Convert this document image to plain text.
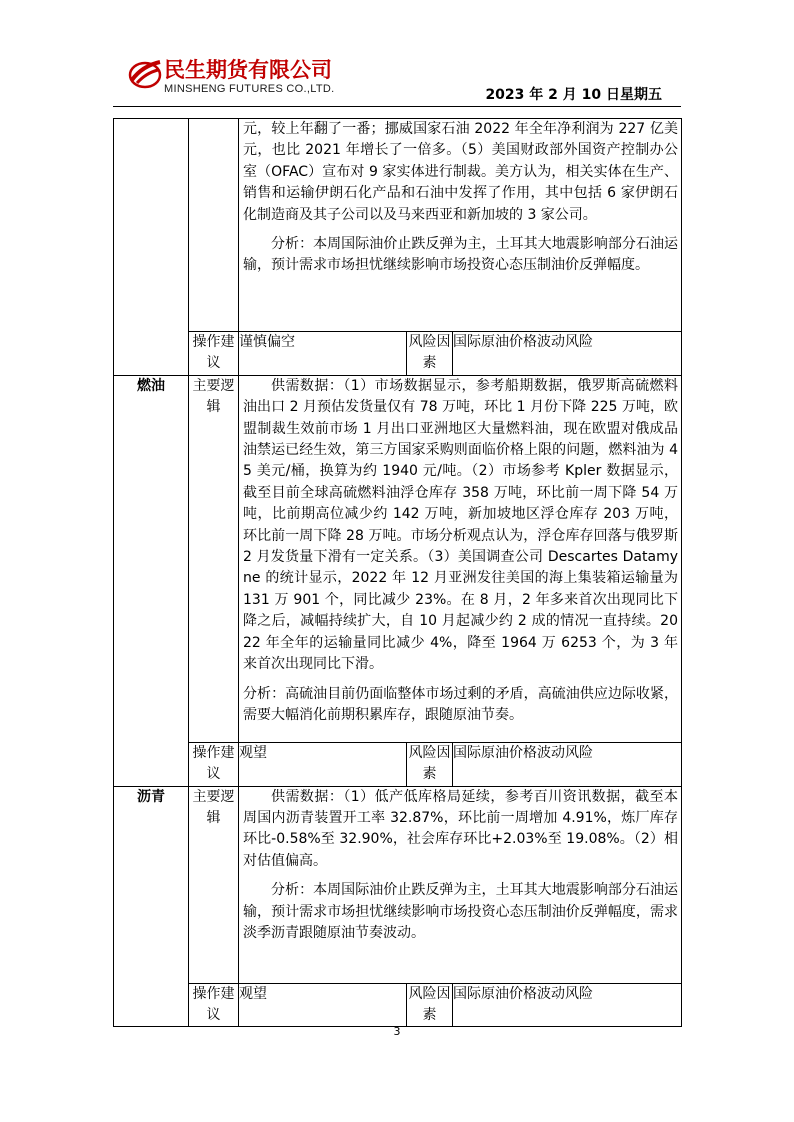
民生期货有限公司
MINSHENG FUTURES CO.,LTD.	2023 年 2 月 10 日星期五

		元，较上年翻了一番；挪威国家石油 2022 年全年净利润为 227 亿美元，也比 2021 年增长了一倍多。（5）美国财政部外国资产控制办公室（OFAC）宣布对 9 家实体进行制裁。美方认为，相关实体在生产、销售和运输伊朗石化产品和石油中发挥了作用，其中包括 6 家伊朗石化制造商及其子公司以及马来西亚和新加坡的 3 家公司。

分析：本周国际油价止跌反弹为主，土耳其大地震影响部分石油运输，预计需求市场担忧继续影响市场投资心态压制油价反弹幅度。		

	操作建议	谨慎偏空	风险因素	国际原油价格波动风险
燃油	主要逻辑	供需数据：（1）市场数据显示，参考船期数据，俄罗斯高硫燃料油出口 2 月预估发货量仅有 78 万吨，环比 1 月份下降 225 万吨，欧盟制裁生效前市场 1 月出口亚洲地区大量燃料油，现在欧盟对俄成品油禁运已经生效，第三方国家采购则面临价格上限的问题，燃料油为 45 美元/桶，换算为约 1940 元/吨。（2）市场参考 Kpler 数据显示，截至目前全球高硫燃料油浮仓库存 358 万吨，环比前一周下降 54 万吨，比前期高位减少约 142 万吨，新加坡地区浮仓库存 203 万吨，环比前一周下降 28 万吨。市场分析观点认为，浮仓库存回落与俄罗斯 2 月发货量下滑有一定关系。（3）美国调查公司 Descartes Datamyne 的统计显示，2022 年 12 月亚洲发往美国的海上集装箱运输量为 131 万 901 个，同比减少 23%。在 8 月，2 年多来首次出现同比下降之后，减幅持续扩大，自 10 月起减少约 2 成的情况一直持续。2022 年全年的运输量同比减少 4%，降至 1964 万 6253 个，为 3 年来首次出现同比下滑。

分析：高硫油目前仍面临整体市场过剩的矛盾，高硫油供应边际收紧，需要大幅消化前期积累库存，跟随原油节奏。		

	操作建议	观望	风险因素	国际原油价格波动风险
沥青	主要逻辑	供需数据：（1）低产低库格局延续，参考百川资讯数据，截至本周国内沥青装置开工率 32.87%，环比前一周增加 4.91%，炼厂库存环比-0.58%至 32.90%，社会库存环比+2.03%至 19.08%。（2）相对估值偏高。

分析：本周国际油价止跌反弹为主，土耳其大地震影响部分石油运输，预计需求市场担忧继续影响市场投资心态压制油价反弹幅度，需求淡季沥青跟随原油节奏波动。		

	操作建议	观望	风险因素	国际原油价格波动风险
3
